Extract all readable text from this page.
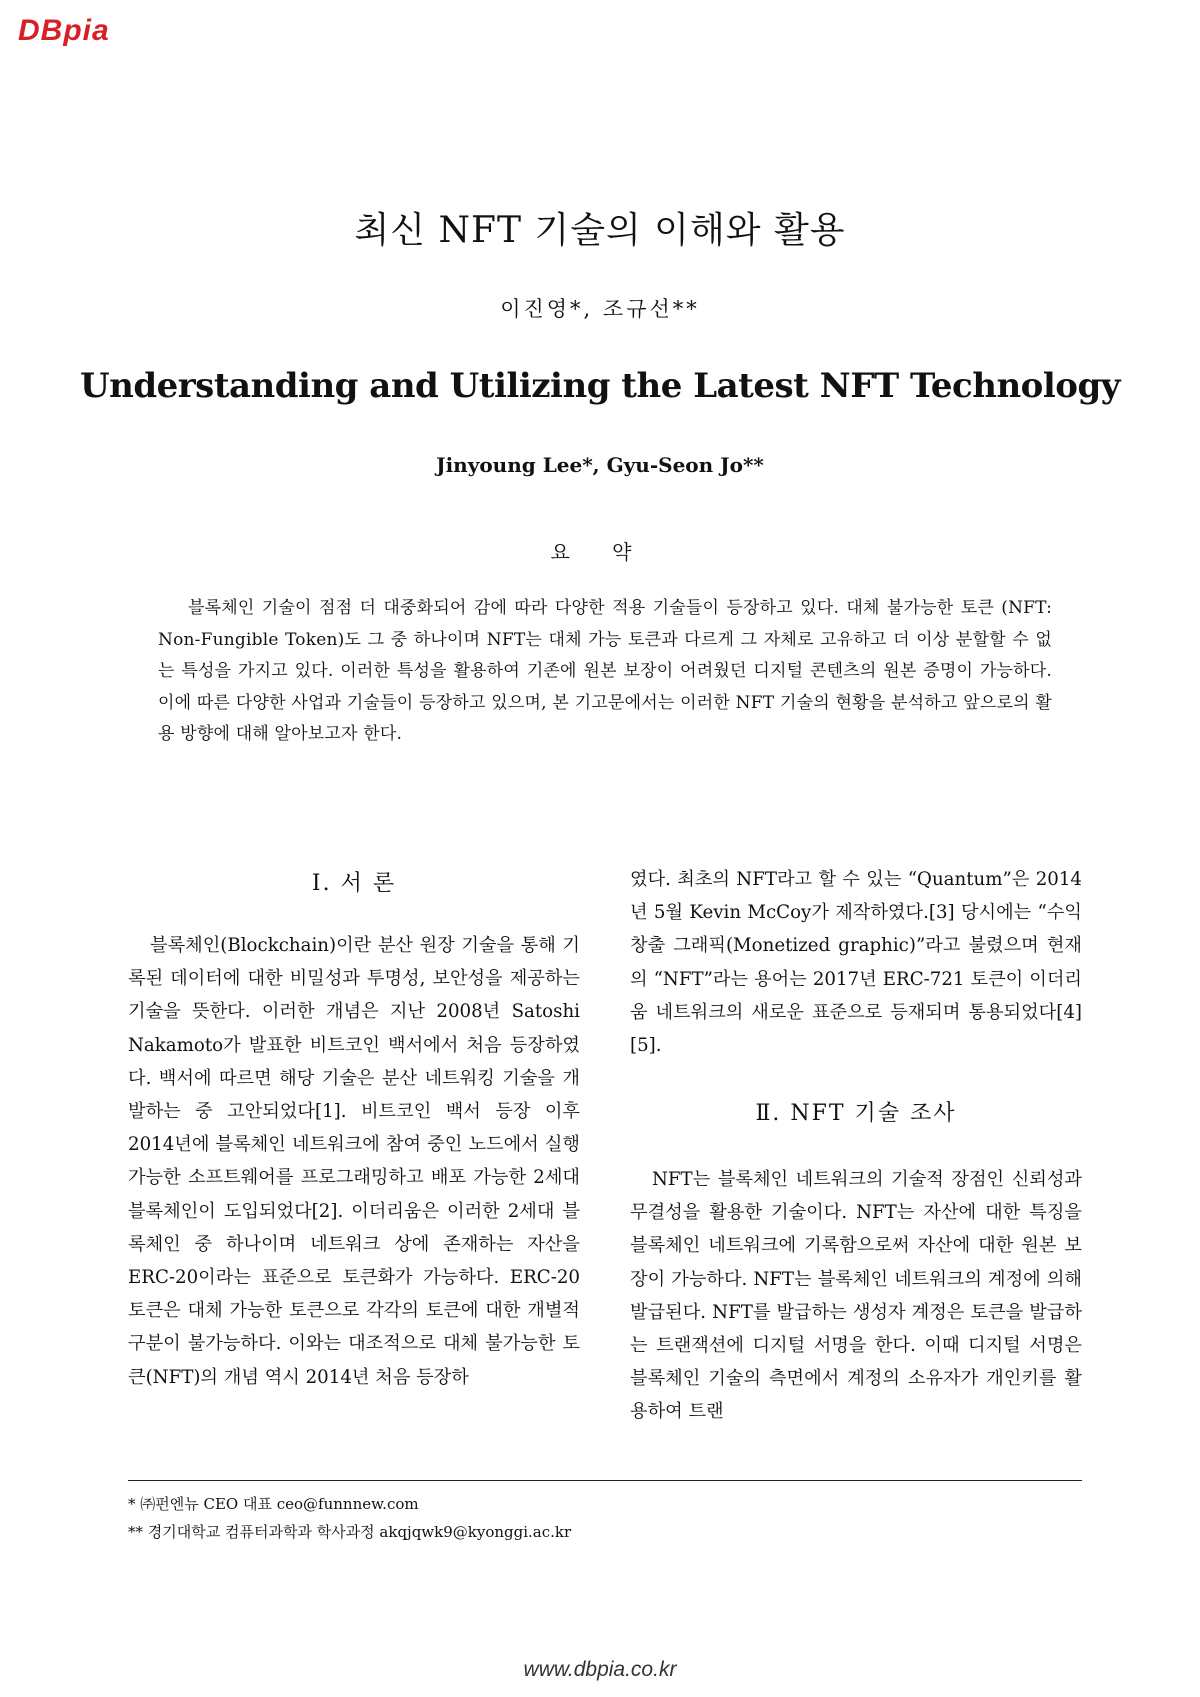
DBpia
최신 NFT 기술의 이해와 활용

이진영*, 조규선**

Understanding and Utilizing the Latest NFT Technology

Jinyoung Lee*, Gyu-Seon Jo**

요 약

블록체인 기술이 점점 더 대중화되어 감에 따라 다양한 적용 기술들이 등장하고 있다. 대체 불가능한 토큰 (NFT: Non-Fungible Token)도 그 중 하나이며 NFT는 대체 가능 토큰과 다르게 그 자체로 고유하고 더 이상 분할할 수 없는 특성을 가지고 있다. 이러한 특성을 활용하여 기존에 원본 보장이 어려웠던 디지털 콘텐츠의 원본 증명이 가능하다. 이에 따른 다양한 사업과 기술들이 등장하고 있으며, 본 기고문에서는 이러한 NFT 기술의 현황을 분석하고 앞으로의 활용 방향에 대해 알아보고자 한다.

Ⅰ. 서 론

블록체인(Blockchain)이란 분산 원장 기술을 통해 기록된 데이터에 대한 비밀성과 투명성, 보안성을 제공하는 기술을 뜻한다. 이러한 개념은 지난 2008년 Satoshi Nakamoto가 발표한 비트코인 백서에서 처음 등장하였다. 백서에 따르면 해당 기술은 분산 네트워킹 기술을 개발하는 중 고안되었다[1]. 비트코인 백서 등장 이후 2014년에 블록체인 네트워크에 참여 중인 노드에서 실행 가능한 소프트웨어를 프로그래밍하고 배포 가능한 2세대 블록체인이 도입되었다[2]. 이더리움은 이러한 2세대 블록체인 중 하나이며 네트워크 상에 존재하는 자산을 ERC-20이라는 표준으로 토큰화가 가능하다. ERC-20 토큰은 대체 가능한 토큰으로 각각의 토큰에 대한 개별적 구분이 불가능하다. 이와는 대조적으로 대체 불가능한 토큰(NFT)의 개념 역시 2014년 처음 등장하

였다. 최초의 NFT라고 할 수 있는 “Quantum”은 2014년 5월 Kevin McCoy가 제작하였다.[3] 당시에는 “수익 창출 그래픽(Monetized graphic)”라고 불렸으며 현재의 “NFT”라는 용어는 2017년 ERC-721 토큰이 이더리움 네트워크의 새로운 표준으로 등재되며 통용되었다[4][5].

Ⅱ. NFT 기술 조사

NFT는 블록체인 네트워크의 기술적 장점인 신뢰성과 무결성을 활용한 기술이다. NFT는 자산에 대한 특징을 블록체인 네트워크에 기록함으로써 자산에 대한 원본 보장이 가능하다. NFT는 블록체인 네트워크의 계정에 의해 발급된다. NFT를 발급하는 생성자 계정은 토큰을 발급하는 트랜잭션에 디지털 서명을 한다. 이때 디지털 서명은 블록체인 기술의 측면에서 계정의 소유자가 개인키를 활용하여 트랜

* ㈜펀엔뉴 CEO 대표 ceo@funnnew.com
** 경기대학교 컴퓨터과학과 학사과정 akqjqwk9@kyonggi.ac.kr

www.dbpia.co.kr
